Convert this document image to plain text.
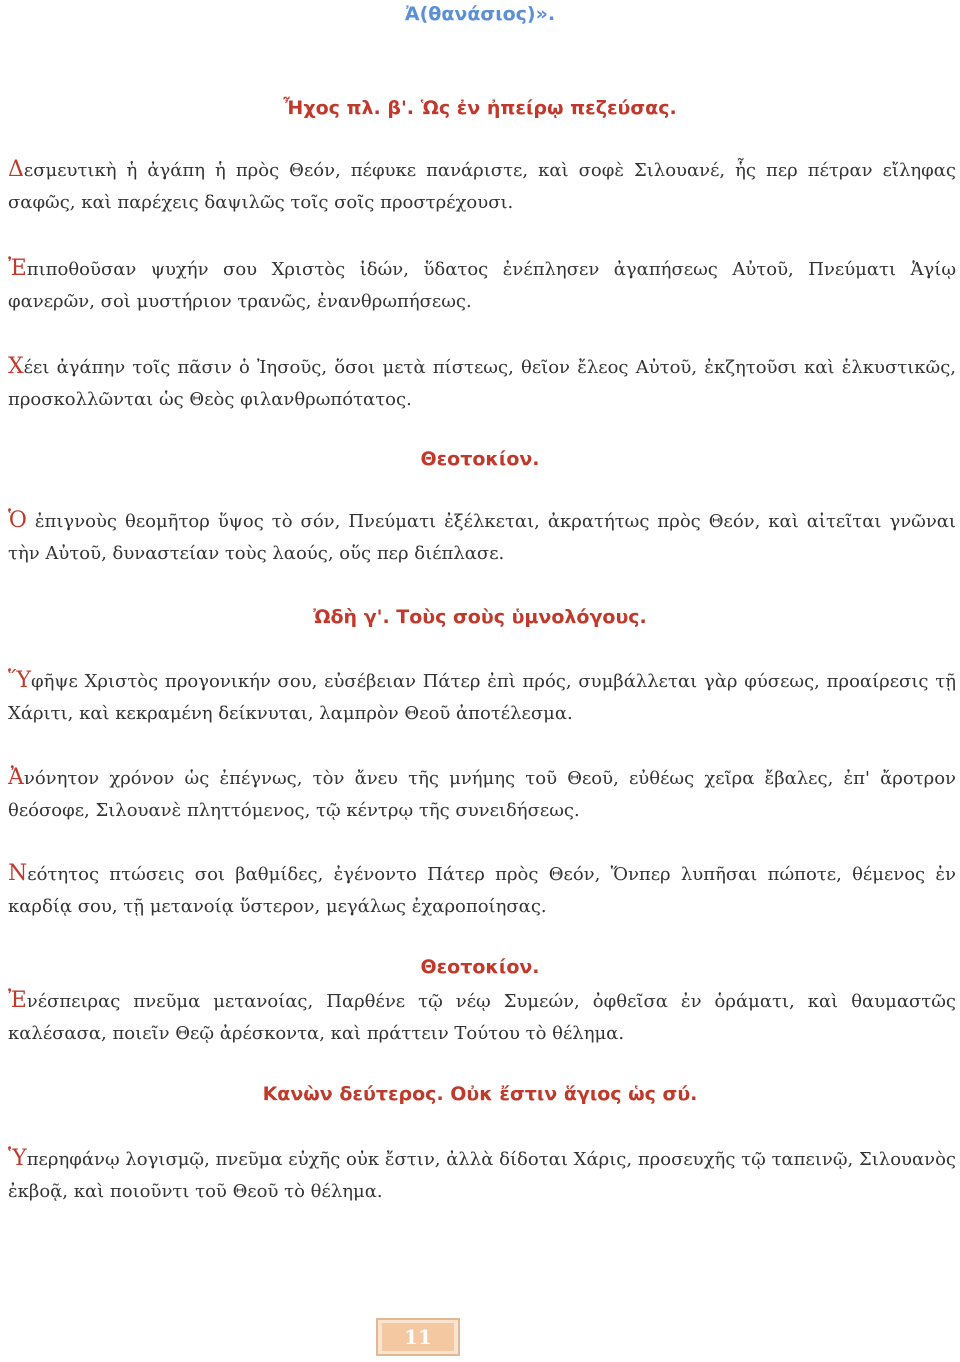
Ἀ(θανάσιος)».
Ἦχος πλ. β'. Ὡς ἐν ἠπείρῳ πεζεύσας.
Δεσμευτικὴ ἡ ἀγάπη ἡ πρὸς Θεόν, πέφυκε πανάριστε, καὶ σοφὲ Σιλουανέ, ἧς περ πέτραν εἴληφας σαφῶς, καὶ παρέχεις δαψιλῶς τοῖς σοῖς προστρέχουσι.
Ἐπιποθοῦσαν ψυχήν σου Χριστὸς ἰδών, ὕδατος ἐνέπλησεν ἀγαπήσεως Αὐτοῦ, Πνεύματι Ἁγίῳ φανερῶν, σοὶ μυστήριον τρανῶς, ἐνανθρωπήσεως.
Χέει ἀγάπην τοῖς πᾶσιν ὁ Ἰησοῦς, ὅσοι μετὰ πίστεως, θεῖον ἔλεος Αὐτοῦ, ἐκζητοῦσι καὶ ἑλκυστικῶς, προσκολλῶνται ὡς Θεὸς φιλανθρωπότατος.
Θεοτοκίον.
Ὁ ἐπιγνοὺς θεομῆτορ ὕψος τὸ σόν, Πνεύματι ἐξέλκεται, ἀκρατήτως πρὸς Θεόν, καὶ αἰτεῖται γνῶναι τὴν Αὐτοῦ, δυναστείαν τοὺς λαούς, οὕς περ διέπλασε.
Ὠδὴ γ'. Τοὺς σοὺς ὑμνολόγους.
Ὕφῆψε Χριστὸς προγονικήν σου, εὐσέβειαν Πάτερ ἐπὶ πρός, συμβάλλεται γὰρ φύσεως, προαίρεσις τῇ Χάριτι, καὶ κεκραμένη δείκνυται, λαμπρὸν Θεοῦ ἀποτέλεσμα.
Ἀνόνητον χρόνον ὡς ἐπέγνως, τὸν ἄνευ τῆς μνήμης τοῦ Θεοῦ, εὐθέως χεῖρα ἔβαλες, ἐπ' ἄροτρον θεόσοφε, Σιλουανὲ πληττόμενος, τῷ κέντρῳ τῆς συνειδήσεως.
Νεότητος πτώσεις σοι βαθμίδες, ἐγένοντο Πάτερ πρὸς Θεόν, Ὅνπερ λυπῆσαι πώποτε, θέμενος ἐν καρδίᾳ σου, τῇ μετανοίᾳ ὕστερον, μεγάλως ἐχαροποίησας.
Θεοτοκίον.
Ἐνέσπειρας πνεῦμα μετανοίας, Παρθένε τῷ νέῳ Συμεών, ὀφθεῖσα ἐν ὁράματι, καὶ θαυμαστῶς καλέσασα, ποιεῖν Θεῷ ἀρέσκοντα, καὶ πράττειν Τούτου τὸ θέλημα.
Κανὼν δεύτερος. Οὐκ ἔστιν ἅγιος ὡς σύ.
Ὑπερηφάνῳ λογισμῷ, πνεῦμα εὐχῆς οὐκ ἔστιν, ἀλλὰ δίδοται Χάρις, προσευχῆς τῷ ταπεινῷ, Σιλουανὸς ἐκβοᾷ, καὶ ποιοῦντι τοῦ Θεοῦ τὸ θέλημα.
11
